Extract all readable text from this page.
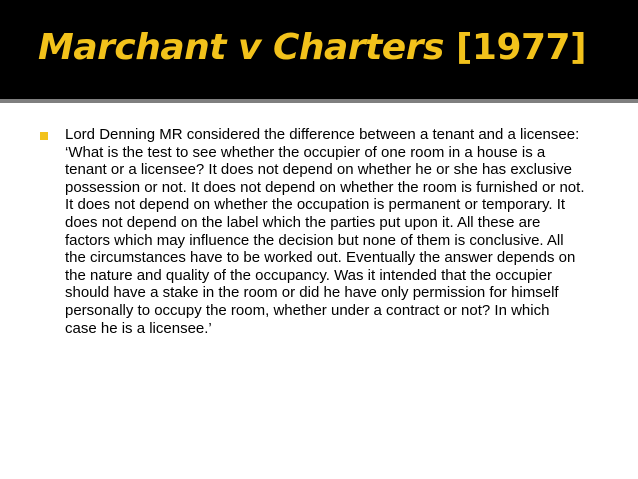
Marchant v Charters [1977]

Lord Denning MR considered the difference between a tenant and a licensee: ‘What is the test to see whether the occupier of one room in a house is a tenant or a licensee? It does not depend on whether he or she has exclusive possession or not. It does not depend on whether the room is furnished or not. It does not depend on whether the occupation is permanent or temporary. It does not depend on the label which the parties put upon it. All these are factors which may influence the decision but none of them is conclusive. All the circumstances have to be worked out. Eventually the answer depends on the nature and quality of the occupancy. Was it intended that the occupier should have a stake in the room or did he have only permission for himself personally to occupy the room, whether under a contract or not? In which case he is a licensee.’
